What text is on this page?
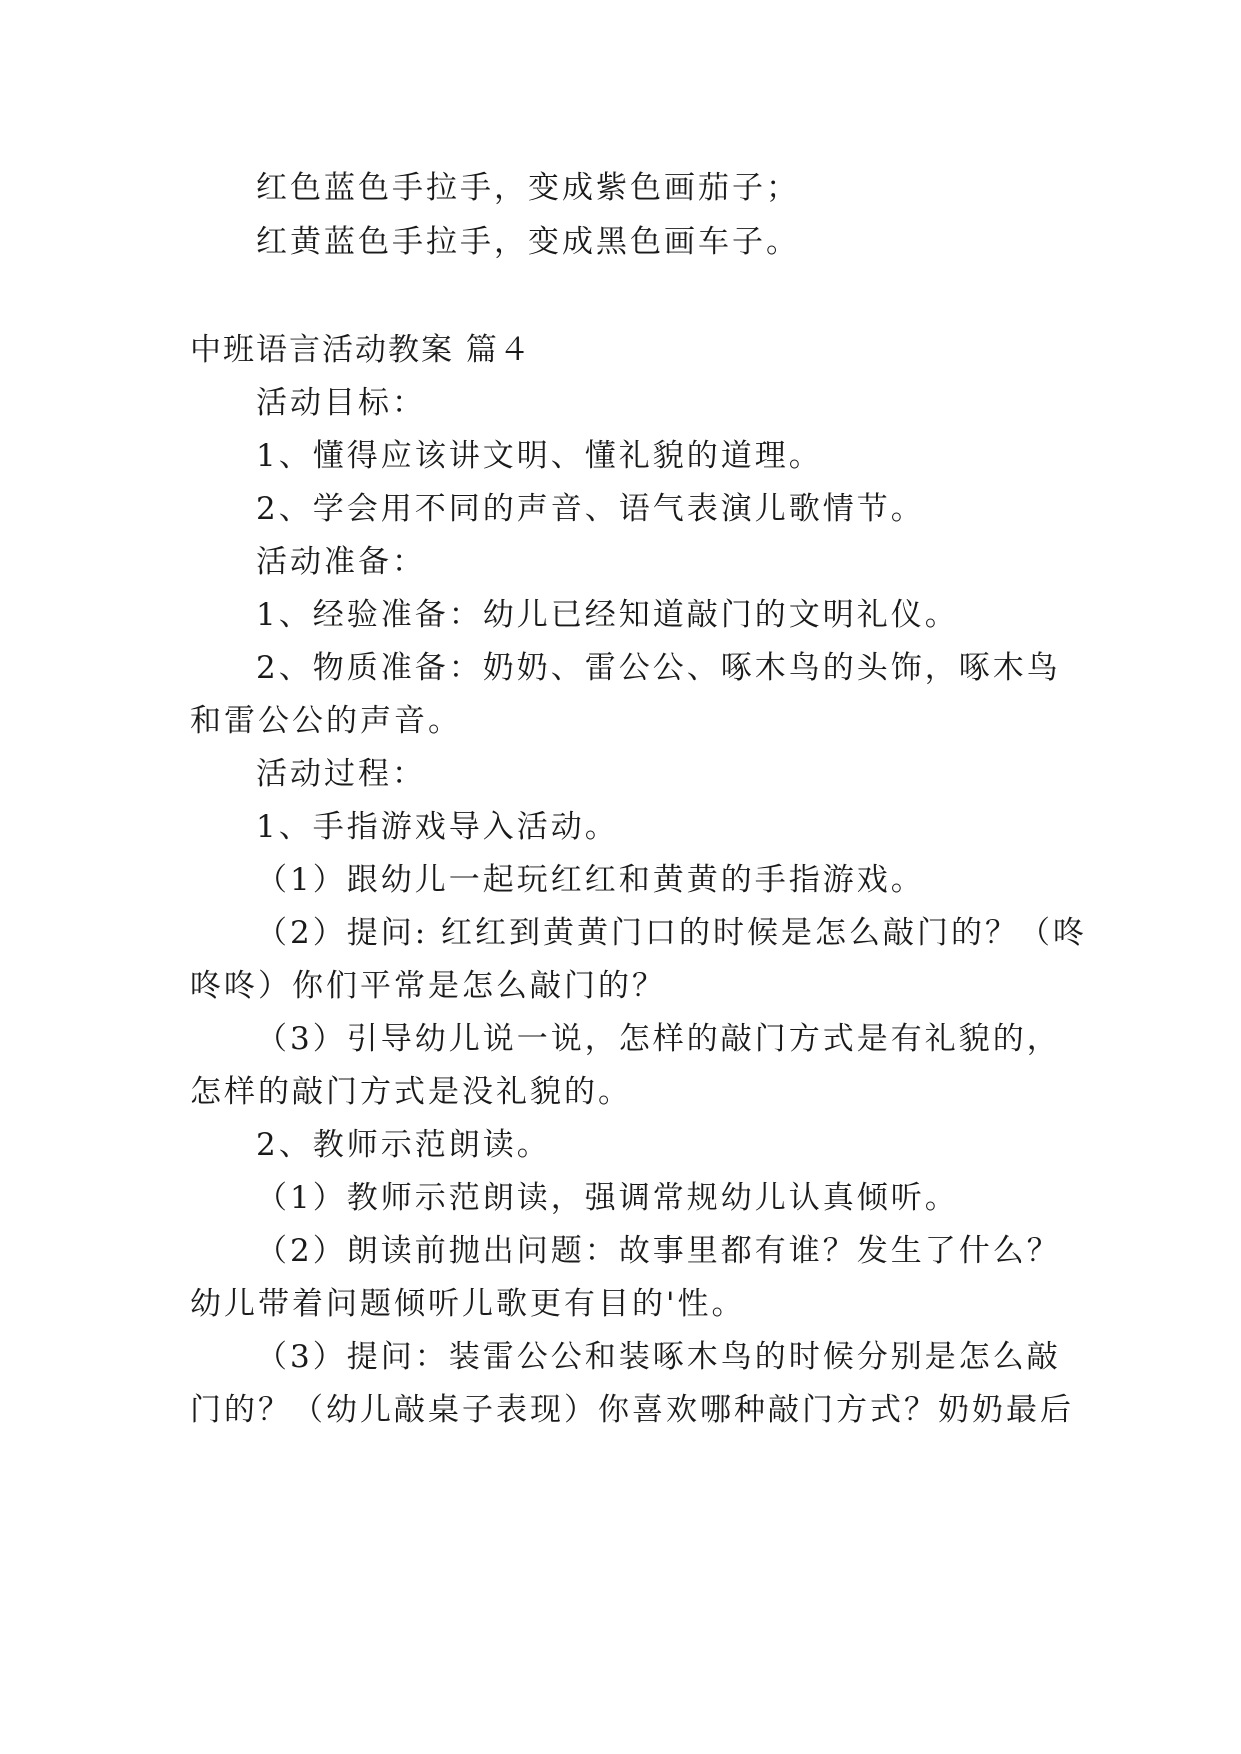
红色蓝色手拉手，变成紫色画茄子；
红黄蓝色手拉手，变成黑色画车子。
中班语言活动教案 篇４
活动目标：
1、懂得应该讲文明、懂礼貌的道理。
2、学会用不同的声音、语气表演儿歌情节。
活动准备：
1、经验准备：幼儿已经知道敲门的文明礼仪。
2、物质准备：奶奶、雷公公、啄木鸟的头饰，啄木鸟
和雷公公的声音。
活动过程：
1、手指游戏导入活动。
（1）跟幼儿一起玩红红和黄黄的手指游戏。
（2）提问: 红红到黄黄门口的时候是怎么敲门的？（咚
咚咚）你们平常是怎么敲门的？
（3）引导幼儿说一说，怎样的敲门方式是有礼貌的，
怎样的敲门方式是没礼貌的。
2、教师示范朗读。
（1）教师示范朗读，强调常规幼儿认真倾听。
（2）朗读前抛出问题：故事里都有谁？发生了什么？
幼儿带着问题倾听儿歌更有目的'性。
（3）提问：装雷公公和装啄木鸟的时候分别是怎么敲
门的？（幼儿敲桌子表现）你喜欢哪种敲门方式？奶奶最后
